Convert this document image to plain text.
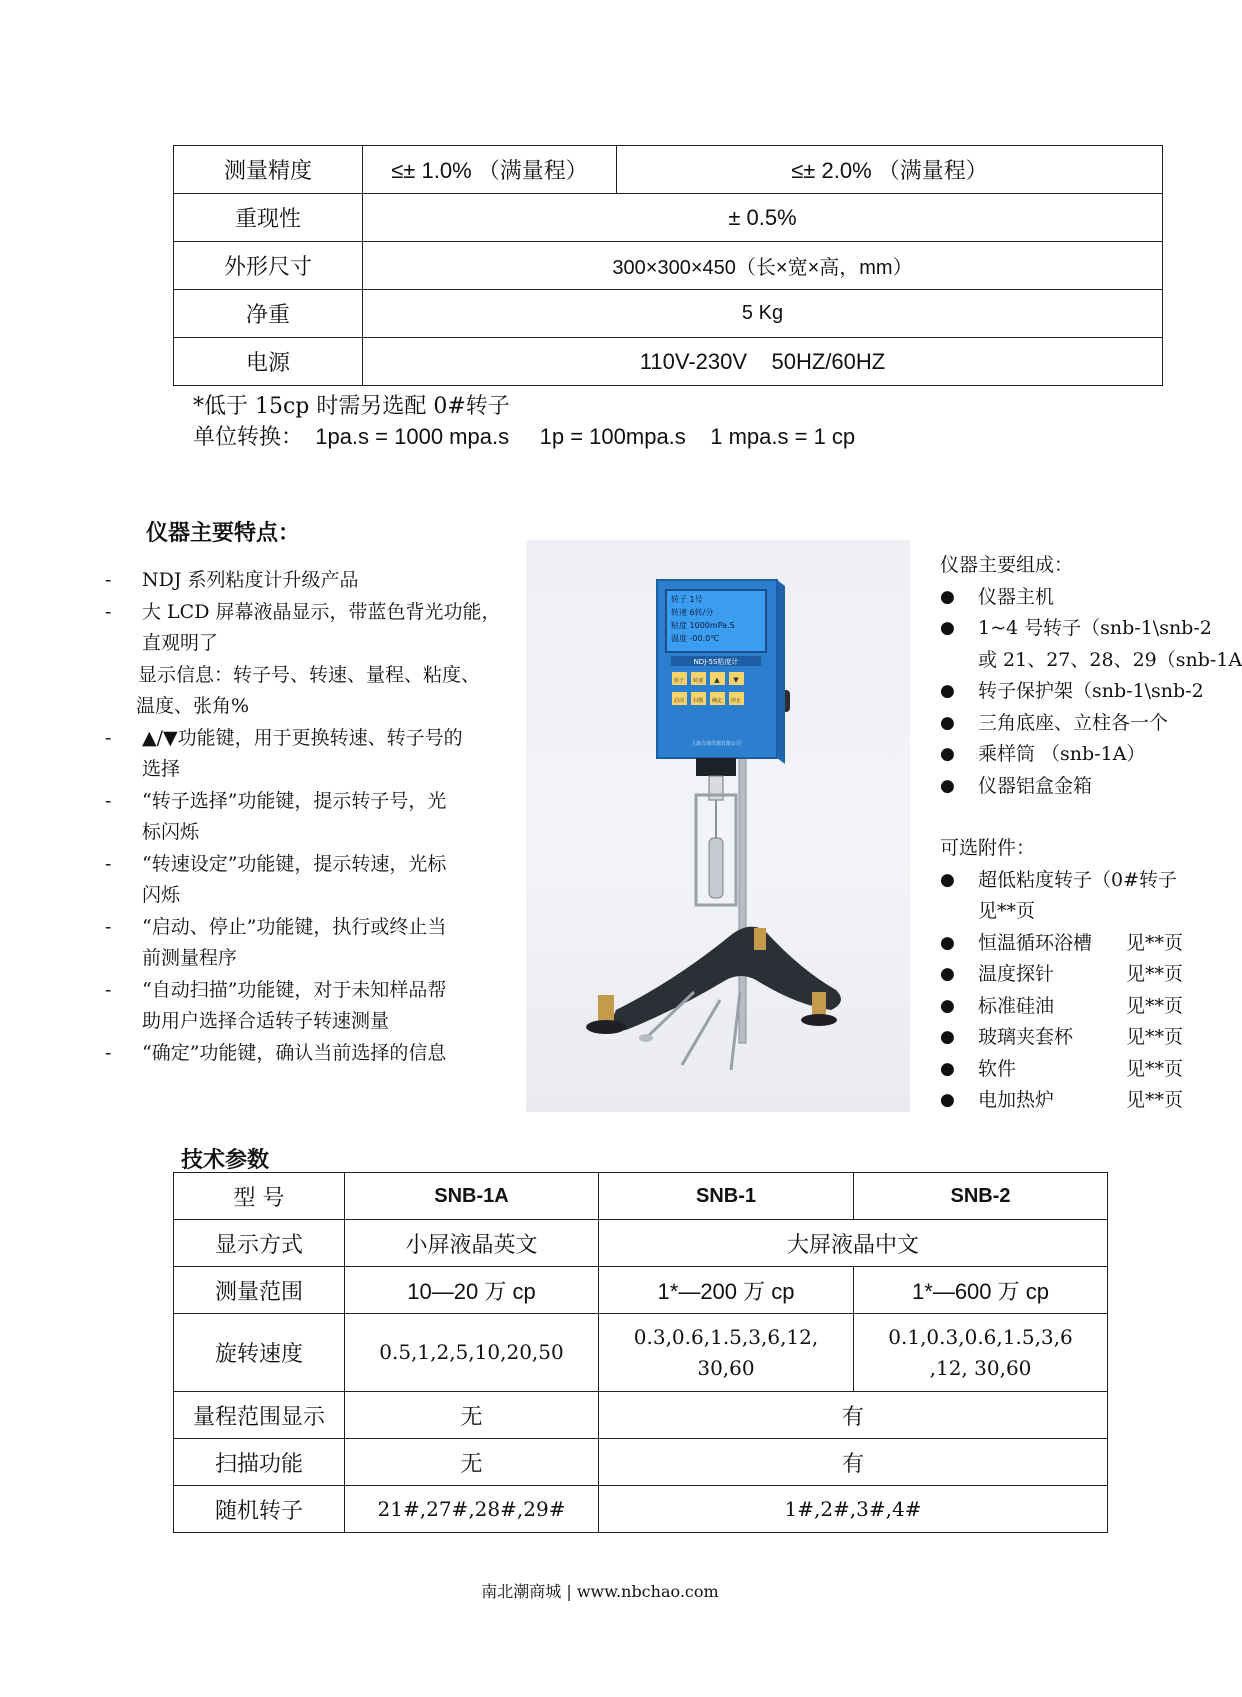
测量精度	≤± 1.0% （满量程）	≤± 2.0% （满量程）
重现性	± 0.5%	
外形尺寸	300×300×450（长×宽×高，mm）	
净重	5 Kg	
电源	110V-230V    50HZ/60HZ	
*低于 15cp 时需另选配 0#转子
单位转换：  1pa.s = 1000 mpa.s     1p = 100mpa.s    1 mpa.s = 1 cp
仪器主要特点：
- NDJ 系列粘度计升级产品
- 大 LCD 屏幕液晶显示，带蓝色背光功能，
直观明了
显示信息：转子号、转速、量程、粘度、
温度、张角%
- ▲/▼功能键，用于更换转速、转子号的
选择
- “转子选择”功能键，提示转子号，光
标闪烁
- “转速设定”功能键，提示转速，光标
闪烁
- “启动、停止”功能键，执行或终止当
前测量程序
- “自动扫描”功能键，对于未知样品帮
助用户选择合适转子转速测量
- “确定”功能键，确认当前选择的信息
转子 1号
转速 6转/分
粘度 1000mPa.S
温度 -00.0℃
NDJ-5S粘度计
转子 转速 ▲ ▼
启动 扫描 确定 停止
上海方瑞仪器有限公司
仪器主要组成：
● 仪器主机
● 1~4 号转子（snb-1\snb-2
或 21、27、28、29（snb-1A
● 转子保护架（snb-1\snb-2
● 三角底座、立柱各一个
● 乘样筒 （snb-1A）
● 仪器铝盒金箱
可选附件：
● 超低粘度转子（0#转子
见**页
● 恒温循环浴槽	见**页
● 温度探针	见**页
● 标准硅油	见**页
● 玻璃夹套杯	见**页
● 软件	见**页
● 电加热炉	见**页
技术参数
型 号	SNB-1A	SNB-1	SNB-2
显示方式	小屏液晶英文	大屏液晶中文	
测量范围	10—20 万 cp	1*—200 万 cp	1*—600 万 cp
旋转速度	0.5,1,2,5,10,20,50	0.3,0.6,1.5,3,6,12,
30,60	0.1,0.3,0.6,1.5,3,6
,12, 30,60
量程范围显示	无	有	
扫描功能	无	有	
随机转子	21#,27#,28#,29#	1#,2#,3#,4#	
南北潮商城 | www.nbchao.com
